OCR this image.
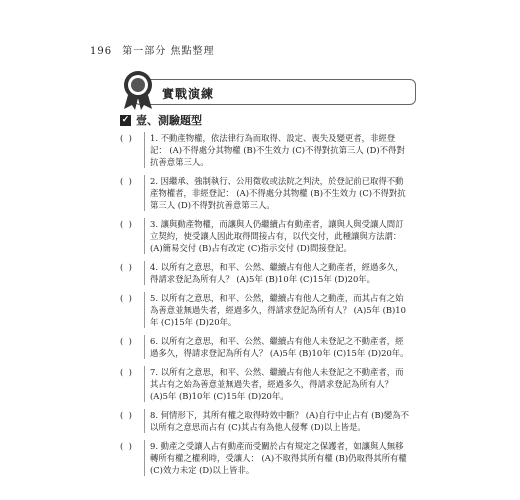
196 第一部分 焦點整理
實戰演練
✓ 壹、測驗題型
(  )	1. 不動產物權，依法律行為而取得、設定、喪失及變更者，非經登記： (A)不得處分其物權 (B)不生效力 (C)不得對抗第三人 (D)不得對抗善意第三人。
(  )	2. 因繼承、強制執行、公用徵收或法院之判決，於登記前已取得不動產物權者，非經登記： (A)不得處分其物權 (B)不生效力 (C)不得對抗第三人 (D)不得對抗善意第三人。
(  )	3. 讓與動產物權，而讓與人仍繼續占有動產者，讓與人與受讓人間訂立契約，使受讓人因此取得間接占有，以代交付，此種讓與方法謂： (A)簡易交付 (B)占有改定 (C)指示交付 (D)間接登記。
(  )	4. 以所有之意思，和平、公然、繼續占有他人之動產者，經過多久，得請求登記為所有人？ (A)5年 (B)10年 (C)15年 (D)20年。
(  )	5. 以所有之意思，和平、公然，繼續占有他人之動產，而其占有之始為善意並無過失者，經過多久，得請求登記為所有人？ (A)5年 (B)10年 (C)15年 (D)20年。
(  )	6. 以所有之意思，和平、公然、繼續占有他人未登記之不動產者，經過多久，得請求登記為所有人？ (A)5年 (B)10年 (C)15年 (D)20年。
(  )	7. 以所有之意思，和平、公然、繼續占有他人未登記之不動產者，而其占有之始為善意並無過失者，經過多久，得請求登記為所有人？ (A)5年 (B)10年 (C)15年 (D)20年。
(  )	8. 何情形下，其所有權之取得時效中斷？ (A)自行中止占有 (B)變為不以所有之意思而占有 (C)其占有為他人侵奪 (D)以上皆是。
(  )	9. 動產之受讓人占有動產而受關於占有規定之保護者，如讓與人無移轉所有權之權利時，受讓人： (A)不取得其所有權 (B)仍取得其所有權 (C)效力未定 (D)以上皆非。
